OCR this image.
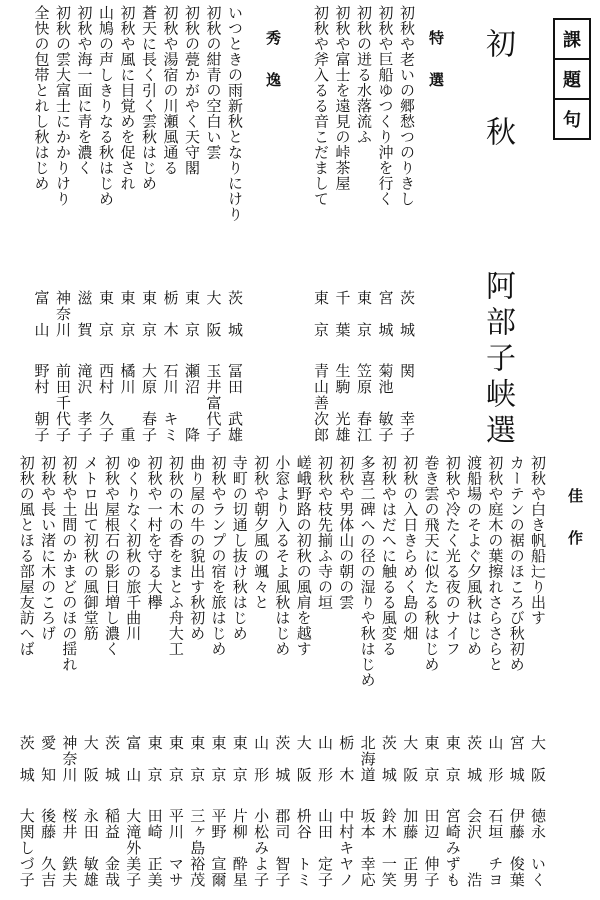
課
題
句
初　秋
阿部子峡選
特　選
秀　逸
佳　作
初秋や老いの郷愁つのりきし
茨　城
関　　幸子
初秋や巨船ゆつくり沖を行く
宮　城
菊池　敏子
初秋の迸る水落流ふ
東　京
笠原　春江
初秋や富士を遠見の峠茶屋
千　葉
生駒　光雄
初秋や斧入るる音こだまして
東　京
青山善次郎
いつときの雨新秋となりにけり
茨　城
冨田　武雄
初秋の紺青の空白い雲
大　阪
玉井富代子
初秋の甍かがやく天守閣
東　京
瀬沼　　降
初秋や湯宿の川瀬風通る
栃　木
石川　キミ
蒼天に長く引く雲秋はじめ
東　京
大原　春子
初秋や風に目覚めを促され
東　京
橘川　　重
山鳩の声しきりなる秋はじめ
東　京
西村　久子
初秋や海一面に青を濃く
滋　賀
滝沢　孝子
初秋の雲大富士にかかりけり
神奈川
前田千代子
全快の包帯とれし秋はじめ
富　山
野村　朝子
初秋や白き帆船辷り出す
大　阪
徳永　いく
カーテンの裾のほころび秋初め
宮　城
伊藤　俊葉
初秋や庭木の葉擦れさらさらと
山　形
石垣　チヨ
渡船場のそよぐ夕風秋はじめ
茨　城
会沢　　浩
初秋や冷たく光る夜のナイフ
東　京
宮崎みずも
巻き雲の飛天に似たる秋はじめ
東　京
田辺　伸子
初秋の入日きらめく島の畑
大　阪
加藤　正男
初秋やはだへに触るる風変る
茨　城
鈴木　一笑
多喜二碑への径の湿りや秋はじめ
北海道
坂本　幸応
初秋や男体山の朝の雲
栃　木
中村キヤノ
初秋や枝先揃ふ寺の垣
山　形
山田　定子
嵯峨野路の初秋の風肩を越す
大　阪
枡谷　トミ
小窓より入るそよ風秋はじめ
茨　城
郡司　智子
初秋や朝夕風の颯々と
山　形
小松みよ子
寺町の切通し抜け秋はじめ
東　京
片柳　酔星
初秋やランプの宿を旅はじめ
東　京
平野　宣爾
曲り屋の牛の貌出す秋初め
東　京
三ヶ島裕茂
初秋の木の香をまとふ舟大工
東　京
平川　マサ
初秋や一村を守る大欅
東　京
田崎　正美
ゆくりなく初秋の旅千曲川
富　山
大滝外美子
初秋や屋根石の影日増し濃く
茨　城
稲益　金哉
メトロ出て初秋の風御堂筋
大　阪
永田　敏雄
初秋や土間のかまどのほの揺れ
神奈川
桜井　鉄夫
初秋や長い渚に木のころげ
愛　知
後藤　久吉
初秋の風とほる部屋友訪へば
茨　城
大関しづ子
